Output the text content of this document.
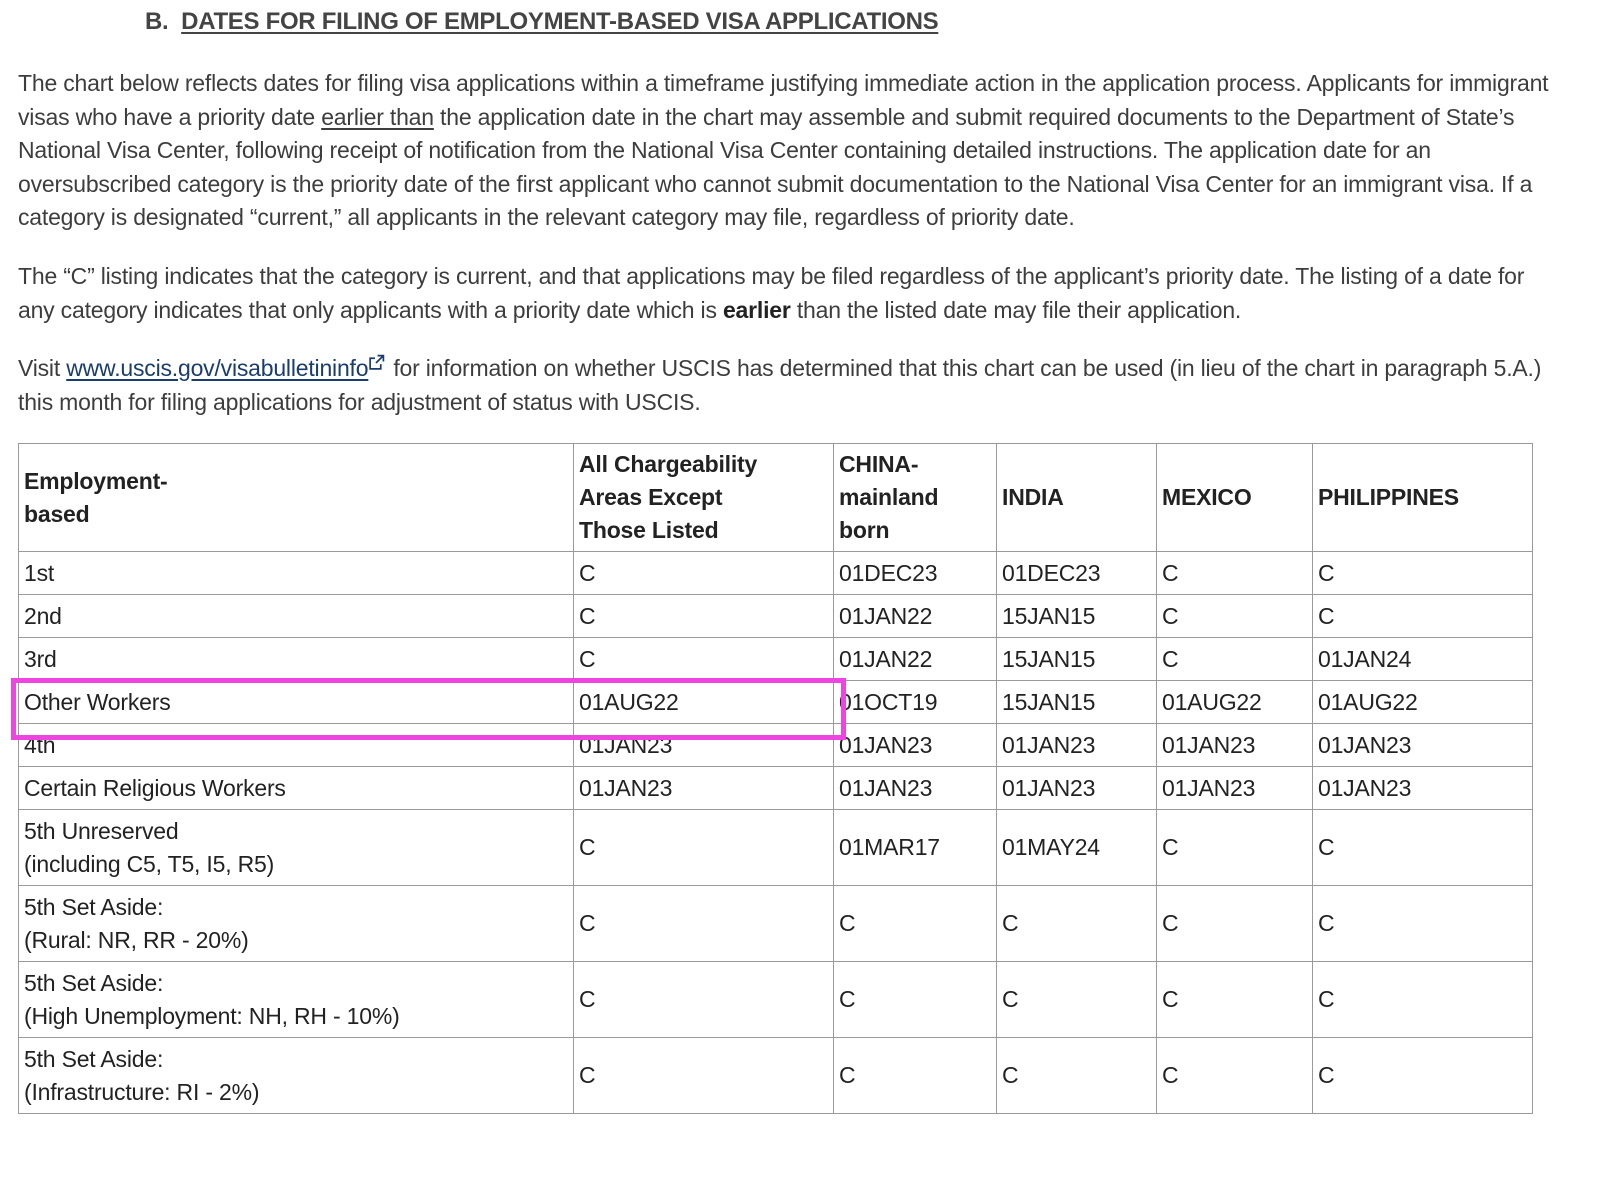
B. DATES FOR FILING OF EMPLOYMENT-BASED VISA APPLICATIONS
The chart below reflects dates for filing visa applications within a timeframe justifying immediate action in the application process. Applicants for immigrant visas who have a priority date earlier than the application date in the chart may assemble and submit required documents to the Department of State’s National Visa Center, following receipt of notification from the National Visa Center containing detailed instructions. The application date for an oversubscribed category is the priority date of the first applicant who cannot submit documentation to the National Visa Center for an immigrant visa. If a category is designated “current,” all applicants in the relevant category may file, regardless of priority date.
The “C” listing indicates that the category is current, and that applications may be filed regardless of the applicant’s priority date. The listing of a date for any category indicates that only applicants with a priority date which is earlier than the listed date may file their application.
Visit www.uscis.gov/visabulletininfo for information on whether USCIS has determined that this chart can be used (in lieu of the chart in paragraph 5.A.) this month for filing applications for adjustment of status with USCIS.
Employment-
based	All Chargeability
Areas Except
Those Listed	CHINA-
mainland
born	INDIA	MEXICO	PHILIPPINES
1st	C	01DEC23	01DEC23	C	C
2nd	C	01JAN22	15JAN15	C	C
3rd	C	01JAN22	15JAN15	C	01JAN24
Other Workers	01AUG22	01OCT19	15JAN15	01AUG22	01AUG22
4th	01JAN23	01JAN23	01JAN23	01JAN23	01JAN23
Certain Religious Workers	01JAN23	01JAN23	01JAN23	01JAN23	01JAN23
5th Unreserved
(including C5, T5, I5, R5)	C	01MAR17	01MAY24	C	C
5th Set Aside:
(Rural: NR, RR - 20%)	C	C	C	C	C
5th Set Aside:
(High Unemployment: NH, RH - 10%)	C	C	C	C	C
5th Set Aside:
(Infrastructure: RI - 2%)	C	C	C	C	C
